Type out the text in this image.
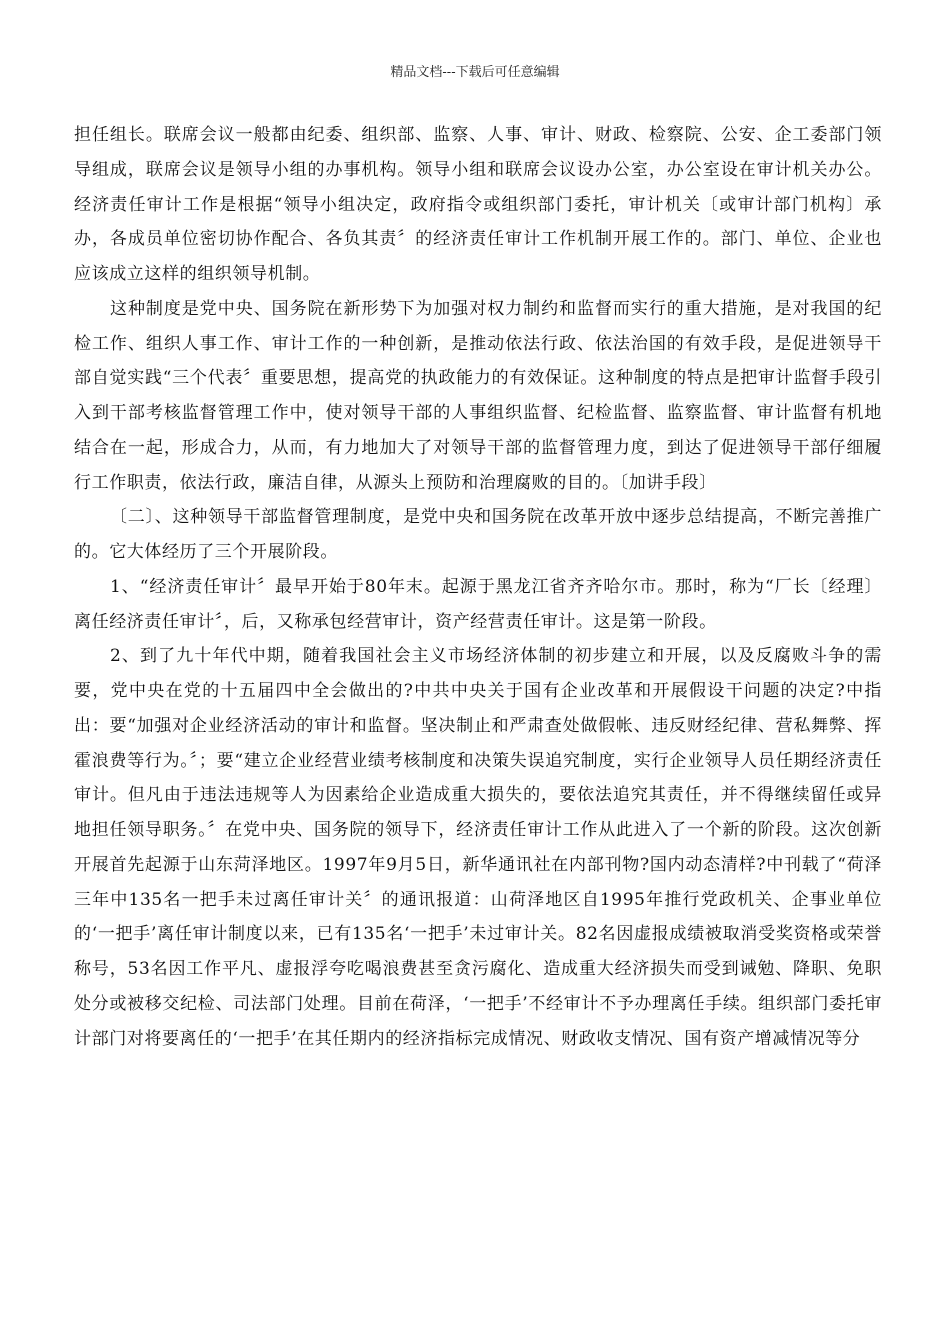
精品文档---下载后可任意编辑

担任组长。联席会议一般都由纪委、组织部、监察、人事、审计、财政、检察院、公安、企工委部门领导组成，联席会议是领导小组的办事机构。领导小组和联席会议设办公室，办公室设在审计机关办公。经济责任审计工作是根据“领导小组决定，政府指令或组织部门委托，审计机关〔或审计部门机构〕承办，各成员单位密切协作配合、各负其责〞的经济责任审计工作机制开展工作的。部门、单位、企业也应该成立这样的组织领导机制。

这种制度是党中央、国务院在新形势下为加强对权力制约和监督而实行的重大措施，是对我国的纪检工作、组织人事工作、审计工作的一种创新，是推动依法行政、依法治国的有效手段，是促进领导干部自觉实践“三个代表〞重要思想，提高党的执政能力的有效保证。这种制度的特点是把审计监督手段引入到干部考核监督管理工作中，使对领导干部的人事组织监督、纪检监督、监察监督、审计监督有机地结合在一起，形成合力，从而，有力地加大了对领导干部的监督管理力度，到达了促进领导干部仔细履行工作职责，依法行政，廉洁自律，从源头上预防和治理腐败的目的。〔加讲手段〕

〔二〕、这种领导干部监督管理制度，是党中央和国务院在改革开放中逐步总结提高，不断完善推广的。它大体经历了三个开展阶段。

1、“经济责任审计〞最早开始于80年末。起源于黑龙江省齐齐哈尔市。那时，称为“厂长〔经理〕离任经济责任审计〞，后，又称承包经营审计，资产经营责任审计。这是第一阶段。

2、到了九十年代中期，随着我国社会主义市场经济体制的初步建立和开展，以及反腐败斗争的需要，党中央在党的十五届四中全会做出的?中共中央关于国有企业改革和开展假设干问题的决定?中指出：要“加强对企业经济活动的审计和监督。坚决制止和严肃查处做假帐、违反财经纪律、营私舞弊、挥霍浪费等行为。〞；要“建立企业经营业绩考核制度和决策失误追究制度，实行企业领导人员任期经济责任审计。但凡由于违法违规等人为因素给企业造成重大损失的，要依法追究其责任，并不得继续留任或异地担任领导职务。〞在党中央、国务院的领导下，经济责任审计工作从此进入了一个新的阶段。这次创新开展首先起源于山东菏泽地区。1997年9月5日，新华通讯社在内部刊物?国内动态清样?中刊载了“荷泽三年中135名一把手未过离任审计关〞的通讯报道：山荷泽地区自1995年推行党政机关、企事业单位的‘一把手’离任审计制度以来，已有135名‘一把手’未过审计关。82名因虚报成绩被取消受奖资格或荣誉称号，53名因工作平凡、虚报浮夸吃喝浪费甚至贪污腐化、造成重大经济损失而受到诫勉、降职、免职处分或被移交纪检、司法部门处理。目前在荷泽，‘一把手’不经审计不予办理离任手续。组织部门委托审计部门对将要离任的‘一把手’在其任期内的经济指标完成情况、财政收支情况、国有资产增减情况等分
